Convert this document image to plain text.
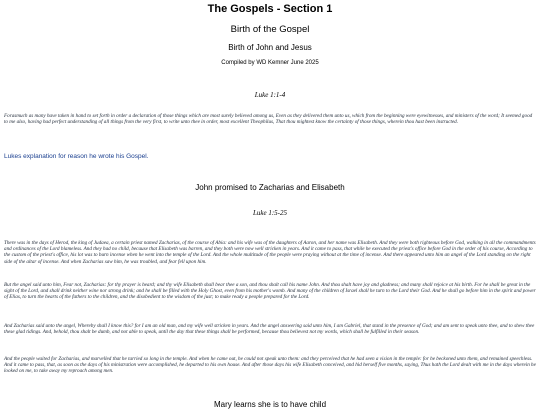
The Gospels - Section 1
Birth of the Gospel
Birth of John and Jesus
Compiled by WD Kemner June 2025
Luke 1:1-4

Forasmuch as many have taken in hand to set forth in order a declaration of those things which are most surely believed among us, Even as they delivered them unto us, which from the beginning were eyewitnesses, and ministers of the word; It seemed good to me also, having had perfect understanding of all things from the very first, to write unto thee in order, most excellent Theophilus, That thou mightest know the certainty of those things, wherein thou hast been instructed.

Lukes explanation for reason he wrote his Gospel.
John promised to Zacharias and Elisabeth
Luke 1:5-25

There was in the days of Herod, the king of Judaea, a certain priest named Zacharias, of the course of Abia: and his wife was of the daughters of Aaron, and her name was Elisabeth. And they were both righteous before God, walking in all the commandments and ordinances of the Lord blameless. And they had no child, because that Elisabeth was barren, and they both were now well stricken in years. And it came to pass, that while he executed the priest's office before God in the order of his course, According to the custom of the priest's office, his lot was to burn incense when he went into the temple of the Lord. And the whole multitude of the people were praying without at the time of incense. And there appeared unto him an angel of the Lord standing on the right side of the altar of incense. And when Zacharias saw him, he was troubled, and fear fell upon him.

But the angel said unto him, Fear not, Zacharias: for thy prayer is heard; and thy wife Elisabeth shall bear thee a son, and thou shalt call his name John. And thou shalt have joy and gladness; and many shall rejoice at his birth. For he shall be great in the sight of the Lord, and shall drink neither wine nor strong drink; and he shall be filled with the Holy Ghost, even from his mother's womb. And many of the children of Israel shall he turn to the Lord their God. And he shall go before him in the spirit and power of Elias, to turn the hearts of the fathers to the children, and the disobedient to the wisdom of the just; to make ready a people prepared for the Lord.

And Zacharias said unto the angel, Whereby shall I know this? for I am an old man, and my wife well stricken in years. And the angel answering said unto him, I am Gabriel, that stand in the presence of God; and am sent to speak unto thee, and to shew thee these glad tidings. And, behold, thou shalt be dumb, and not able to speak, until the day that these things shall be performed, because thou believest not my words, which shall be fulfilled in their season.

And the people waited for Zacharias, and marvelled that he tarried so long in the temple. And when he came out, he could not speak unto them: and they perceived that he had seen a vision in the temple: for he beckoned unto them, and remained speechless. And it came to pass, that, as soon as the days of his ministration were accomplished, he departed to his own house. And after those days his wife Elisabeth conceived, and hid herself five months, saying, Thus hath the Lord dealt with me in the days wherein he looked on me, to take away my reproach among men.

Mary learns she is to have child
